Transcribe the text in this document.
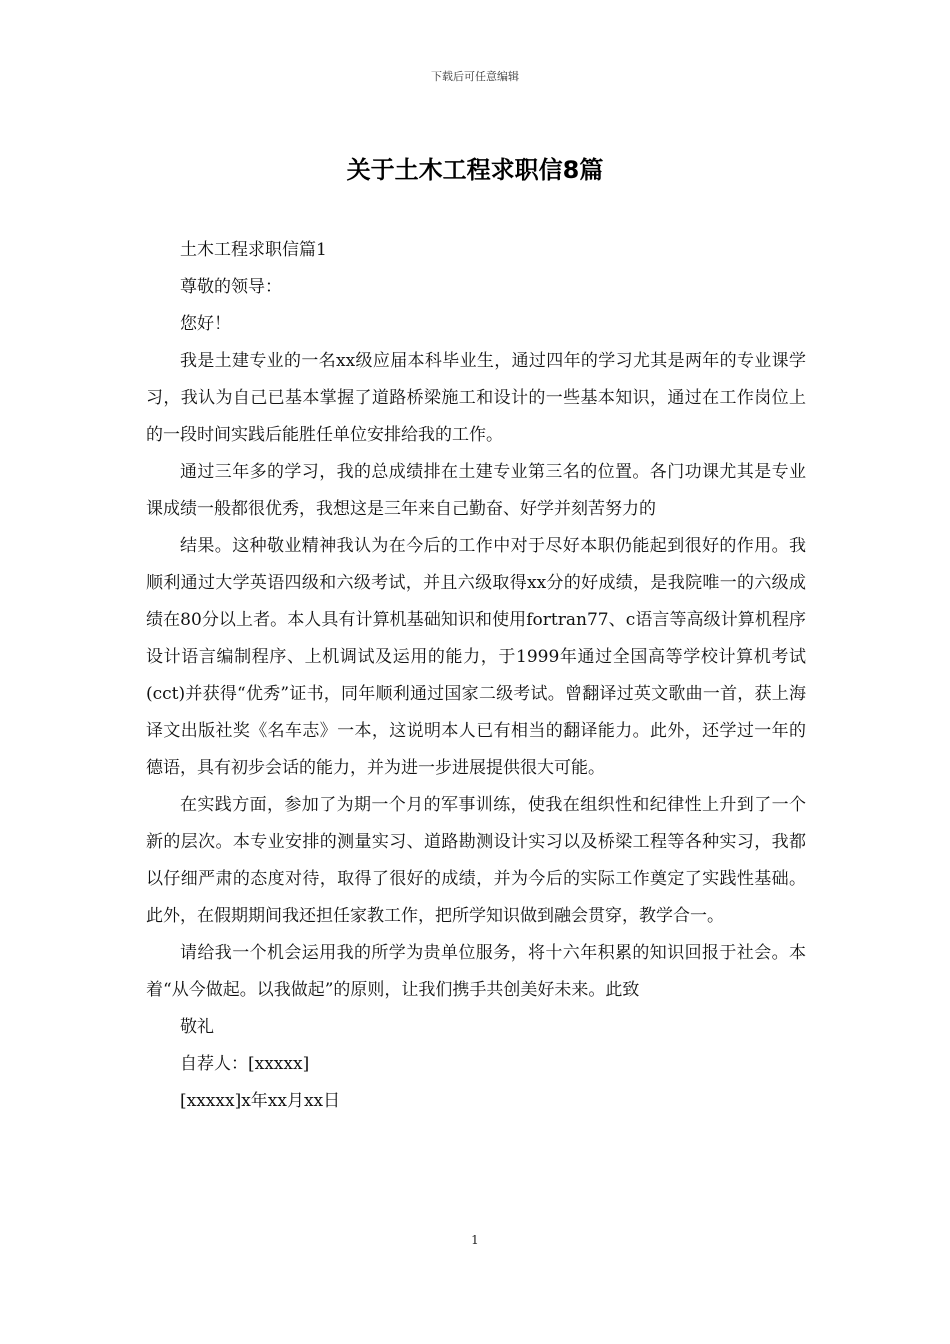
下载后可任意编辑
关于土木工程求职信8篇

土木工程求职信篇1

尊敬的领导：

您好！

我是土建专业的一名xx级应届本科毕业生，通过四年的学习尤其是两年的专业课学习，我认为自己已基本掌握了道路桥梁施工和设计的一些基本知识，通过在工作岗位上的一段时间实践后能胜任单位安排给我的工作。

通过三年多的学习，我的总成绩排在土建专业第三名的位置。各门功课尤其是专业课成绩一般都很优秀，我想这是三年来自己勤奋、好学并刻苦努力的

结果。这种敬业精神我认为在今后的工作中对于尽好本职仍能起到很好的作用。我顺利通过大学英语四级和六级考试，并且六级取得xx分的好成绩，是我院唯一的六级成绩在80分以上者。本人具有计算机基础知识和使用fortran77、c语言等高级计算机程序设计语言编制程序、上机调试及运用的能力，于1999年通过全国高等学校计算机考试(cct)并获得“优秀”证书，同年顺利通过国家二级考试。曾翻译过英文歌曲一首，获上海译文出版社奖《名车志》一本，这说明本人已有相当的翻译能力。此外，还学过一年的德语，具有初步会话的能力，并为进一步进展提供很大可能。

在实践方面，参加了为期一个月的军事训练，使我在组织性和纪律性上升到了一个新的层次。本专业安排的测量实习、道路勘测设计实习以及桥梁工程等各种实习，我都以仔细严肃的态度对待，取得了很好的成绩，并为今后的实际工作奠定了实践性基础。此外，在假期期间我还担任家教工作，把所学知识做到融会贯穿，教学合一。

请给我一个机会运用我的所学为贵单位服务，将十六年积累的知识回报于社会。本着“从今做起。以我做起”的原则，让我们携手共创美好未来。此致

敬礼

自荐人：[xxxxx]

[xxxxx]x年xx月xx日

1
